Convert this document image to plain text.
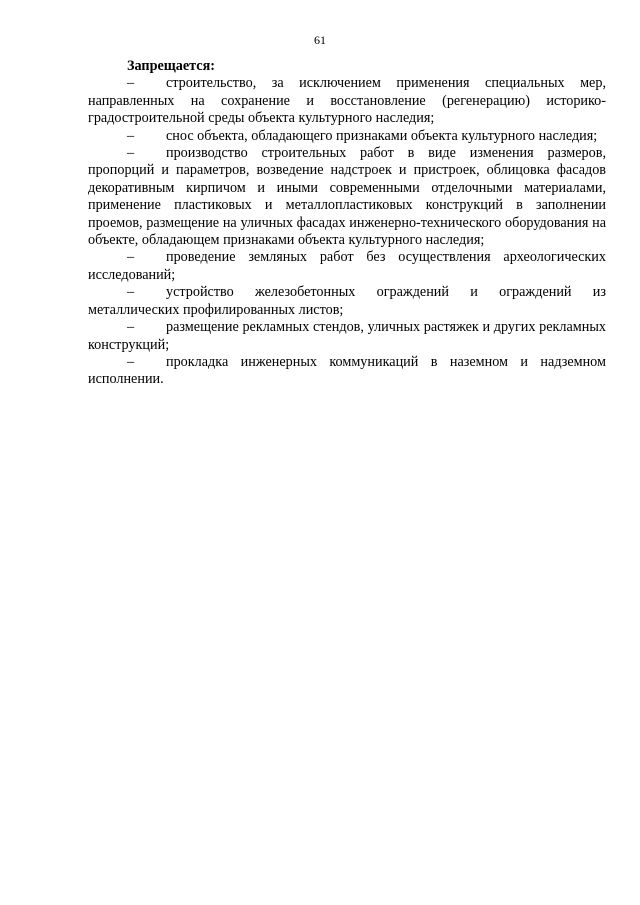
61

Запрещается:

– строительство, за исключением применения специальных мер, направленных на сохранение и восстановление (регенерацию) историко-градостроительной среды объекта культурного наследия;

– снос объекта, обладающего признаками объекта культурного наследия;

– производство строительных работ в виде изменения размеров, пропорций и параметров, возведение надстроек и пристроек, облицовка фасадов декоративным кирпичом и иными современными отделочными материалами, применение пластиковых и металлопластиковых конструкций в заполнении проемов, размещение на уличных фасадах инженерно-технического оборудования на объекте, обладающем признаками объекта культурного наследия;

– проведение земляных работ без осуществления археологических исследований;

– устройство железобетонных ограждений и ограждений из металлических профилированных листов;

– размещение рекламных стендов, уличных растяжек и других рекламных конструкций;

– прокладка инженерных коммуникаций в наземном и надземном исполнении.
